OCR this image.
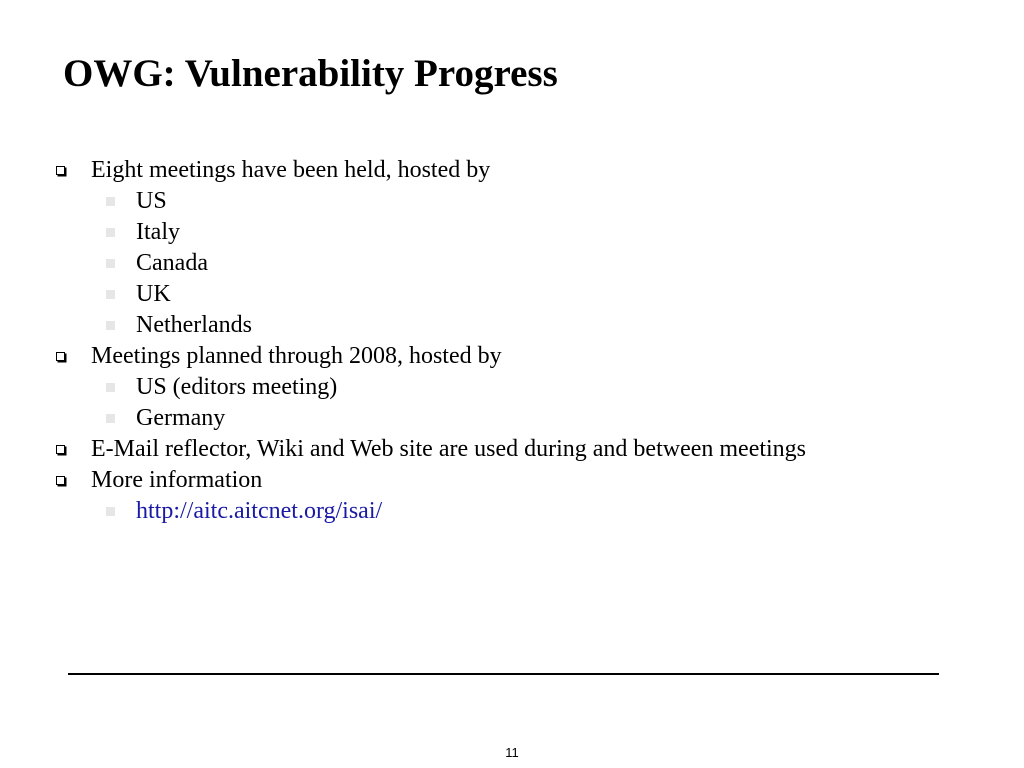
OWG: Vulnerability Progress
Eight meetings have been held, hosted by
US
Italy
Canada
UK
Netherlands
Meetings planned through 2008, hosted by
US (editors meeting)
Germany
E-Mail reflector, Wiki and Web site are used during and between meetings
More information
http://aitc.aitcnet.org/isai/
11
